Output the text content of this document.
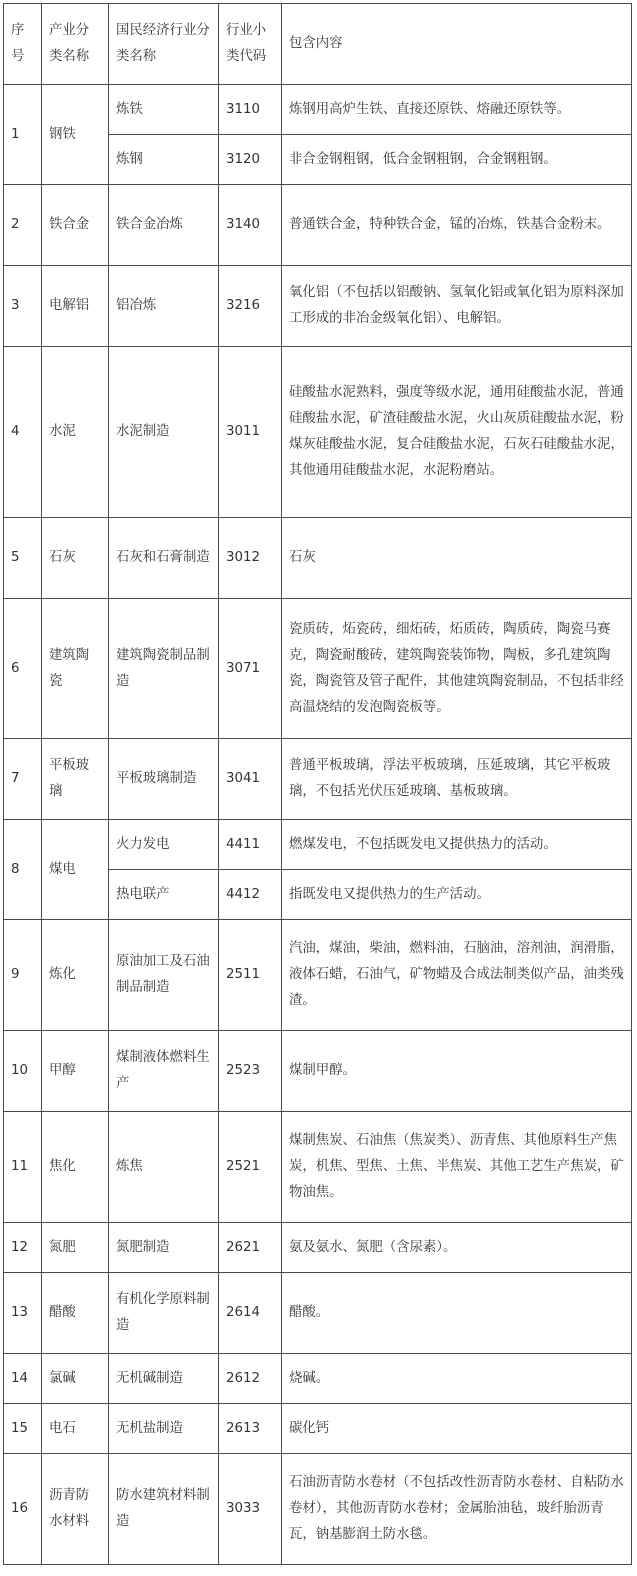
序号	产业分类名称	国民经济行业分类名称	行业小类代码	包含内容
1	钢铁	炼铁	3110	炼钢用高炉生铁、直接还原铁、熔融还原铁等。
		炼钢	3120	非合金钢粗钢，低合金钢粗钢，合金钢粗钢。
2	铁合金	铁合金冶炼	3140	普通铁合金，特种铁合金，锰的冶炼，铁基合金粉末。
3	电解铝	铝冶炼	3216	氧化铝（不包括以铝酸钠、氢氧化铝或氧化铝为原料深加工形成的非冶金级氧化铝）、电解铝。
4	水泥	水泥制造	3011	硅酸盐水泥熟料，强度等级水泥，通用硅酸盐水泥，普通硅酸盐水泥，矿渣硅酸盐水泥，火山灰质硅酸盐水泥，粉煤灰硅酸盐水泥，复合硅酸盐水泥，石灰石硅酸盐水泥，其他通用硅酸盐水泥，水泥粉磨站。
5	石灰	石灰和石膏制造	3012	石灰
6	建筑陶瓷	建筑陶瓷制品制造	3071	瓷质砖，炻瓷砖，细炻砖，炻质砖，陶质砖，陶瓷马赛克，陶瓷耐酸砖，建筑陶瓷装饰物，陶板，多孔建筑陶瓷，陶瓷管及管子配件，其他建筑陶瓷制品，不包括非经高温烧结的发泡陶瓷板等。
7	平板玻璃	平板玻璃制造	3041	普通平板玻璃，浮法平板玻璃，压延玻璃，其它平板玻璃，不包括光伏压延玻璃、基板玻璃。
8	煤电	火力发电	4411	燃煤发电，不包括既发电又提供热力的活动。
		热电联产	4412	指既发电又提供热力的生产活动。
9	炼化	原油加工及石油制品制造	2511	汽油，煤油，柴油，燃料油，石脑油，溶剂油，润滑脂，液体石蜡，石油气，矿物蜡及合成法制类似产品，油类残渣。
10	甲醇	煤制液体燃料生产	2523	煤制甲醇。
11	焦化	炼焦	2521	煤制焦炭、石油焦（焦炭类）、沥青焦、其他原料生产焦炭，机焦、型焦、土焦、半焦炭、其他工艺生产焦炭，矿物油焦。
12	氮肥	氮肥制造	2621	氨及氨水、氮肥（含尿素）。
13	醋酸	有机化学原料制造	2614	醋酸。
14	氯碱	无机碱制造	2612	烧碱。
15	电石	无机盐制造	2613	碳化钙
16	沥青防水材料	防水建筑材料制造	3033	石油沥青防水卷材（不包括改性沥青防水卷材、自粘防水卷材），其他沥青防水卷材；金属胎油毡，玻纤胎沥青瓦，钠基膨润土防水毯。
